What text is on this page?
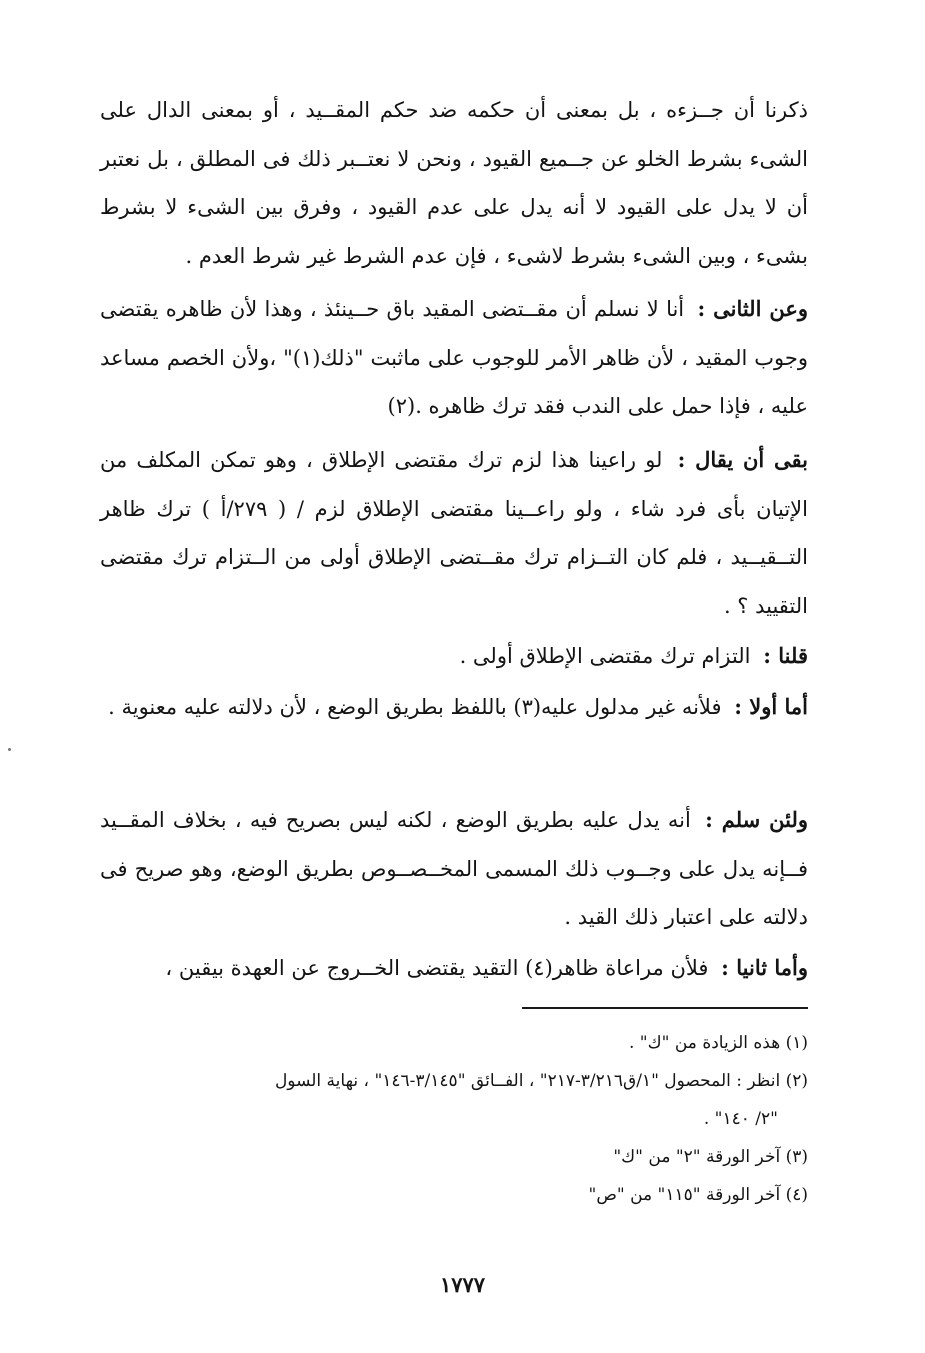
ذكرنا أن جــزءه ، بل بمعنى أن حكمه ضد حكم المقــيد ، أو بمعنى الدال على الشىء بشرط الخلو عن جــميع القيود ، ونحن لا نعتــبر ذلك فى المطلق ، بل نعتبر أن لا يدل على القيود لا أنه يدل على عدم القيود ، وفرق بين الشىء لا بشرط بشىء ، وبين الشىء بشرط لاشىء ، فإن عدم الشرط غير شرط العدم .

وعن الثانى : أنا لا نسلم أن مقــتضى المقيد باق حــينئذ ، وهذا لأن ظاهره يقتضى وجوب المقيد ، لأن ظاهر الأمر للوجوب على ماثبت "ذلك(١)" ،ولأن الخصم مساعد عليه ، فإذا حمل على الندب فقد ترك ظاهره .(٢)

بقى أن يقال : لو راعينا هذا لزم ترك مقتضى الإطلاق ، وهو تمكن المكلف من الإتيان بأى فرد شاء ، ولو راعــينا مقتضى الإطلاق لزم / ( ٢٧٩/أ ) ترك ظاهر التــقيــيد ، فلم كان التــزام ترك مقــتضى الإطلاق أولى من الــتزام ترك مقتضى التقييد ؟ .

قلنا : التزام ترك مقتضى الإطلاق أولى .

أما أولا : فلأنه غير مدلول عليه(٣) باللفظ بطريق الوضع ، لأن دلالته عليه معنوية .

ولئن سلم : أنه يدل عليه بطريق الوضع ، لكنه ليس بصريح فيه ، بخلاف المقــيد فــإنه يدل على وجــوب ذلك المسمى المخــصــوص بطريق الوضع، وهو صريح فى دلالته على اعتبار ذلك القيد .

وأما ثانيا : فلأن مراعاة ظاهر(٤) التقيد يقتضى الخــروج عن العهدة بيقين ،

(١) هذه الزيادة من "ك" .

(٢) انظر : المحصول "١/ق٣/٢١٦-٢١٧" ، الفــائق "٣/١٤٥-١٤٦" ، نهاية السول

"٢/ ١٤٠" .

(٣) آخر الورقة "٢" من "ك"

(٤) آخر الورقة "١١٥" من "ص"

١٧٧٧
